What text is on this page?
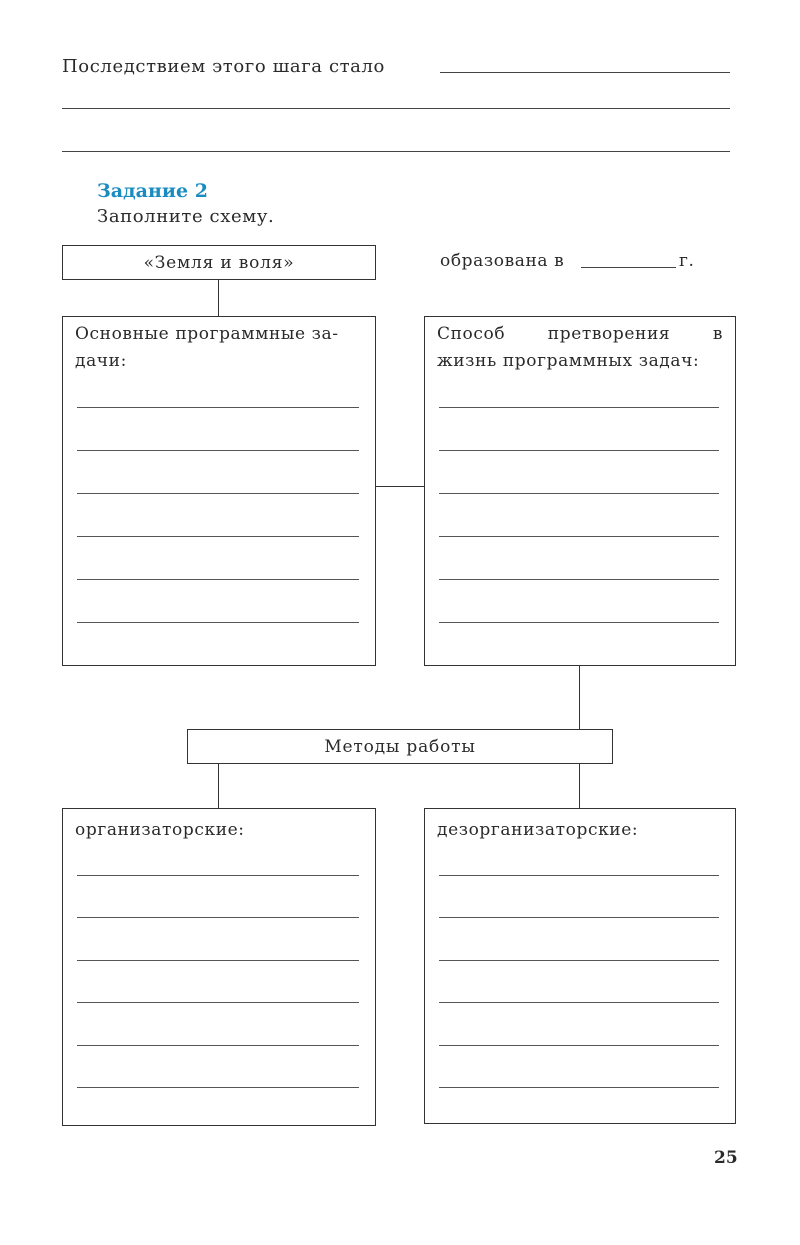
Последствием этого шага стало
Задание 2
Заполните схему.
«Земля и воля»	образована в	г.
Основные программные за-
дачи:
Способ претворения в
жизнь программных задач:
Методы работы
организаторские:	дезорганизаторские:
25
